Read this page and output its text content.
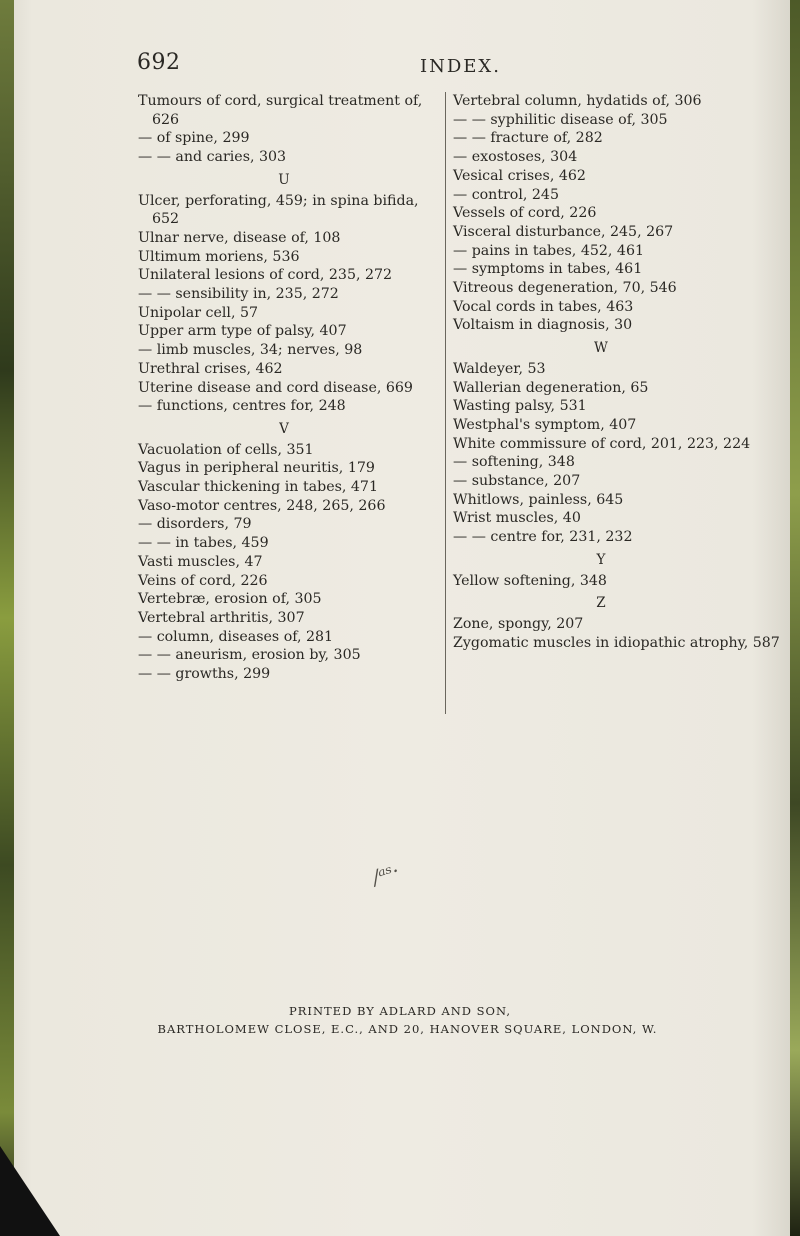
692	INDEX.
Tumours of cord, surgical treatment of, 626
— of spine, 299
— — and caries, 303
U
Ulcer, perforating, 459; in spina bifida, 652
Ulnar nerve, disease of, 108
Ultimum moriens, 536
Unilateral lesions of cord, 235, 272
— — sensibility in, 235, 272
Unipolar cell, 57
Upper arm type of palsy, 407
— limb muscles, 34; nerves, 98
Urethral crises, 462
Uterine disease and cord disease, 669
— functions, centres for, 248
V
Vacuolation of cells, 351
Vagus in peripheral neuritis, 179
Vascular thickening in tabes, 471
Vaso-motor centres, 248, 265, 266
— disorders, 79
— — in tabes, 459
Vasti muscles, 47
Veins of cord, 226
Vertebræ, erosion of, 305
Vertebral arthritis, 307
— column, diseases of, 281
— — aneurism, erosion by, 305
— — growths, 299
Vertebral column, hydatids of, 306
— — syphilitic disease of, 305
— — fracture of, 282
— exostoses, 304
Vesical crises, 462
— control, 245
Vessels of cord, 226
Visceral disturbance, 245, 267
— pains in tabes, 452, 461
— symptoms in tabes, 461
Vitreous degeneration, 70, 546
Vocal cords in tabes, 463
Voltaism in diagnosis, 30
W
Waldeyer, 53
Wallerian degeneration, 65
Wasting palsy, 531
Westphal's symptom, 407
White commissure of cord, 201, 223, 224
— softening, 348
— substance, 207
Whitlows, painless, 645
Wrist muscles, 40
— — centre for, 231, 232
Y
Yellow softening, 348
Z
Zone, spongy, 207
Zygomatic muscles in idiopathic atrophy, 587
/ᵃˢ·
PRINTED BY ADLARD AND SON,
BARTHOLOMEW CLOSE, E.C., AND 20, HANOVER SQUARE, LONDON, W.
